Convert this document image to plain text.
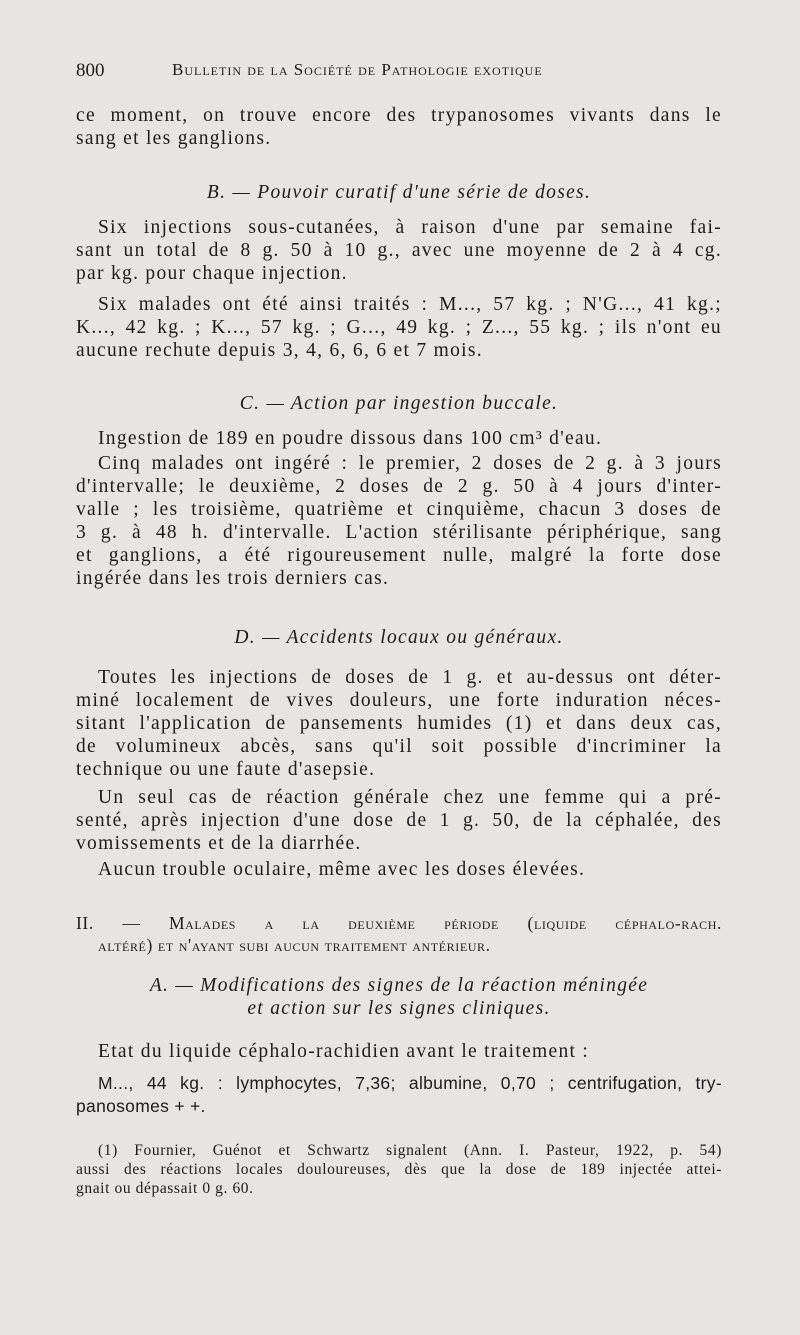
800	Bulletin de la Société de Pathologie exotique
ce moment, on trouve encore des trypanosomes vivants dans le
sang et les ganglions.
B. — Pouvoir curatif d'une série de doses.
Six injections sous-cutanées, à raison d'une par semaine fai-
sant un total de 8 g. 50 à 10 g., avec une moyenne de 2 à 4 cg.
par kg. pour chaque injection.
Six malades ont été ainsi traités : M..., 57 kg. ; N'G..., 41 kg.;
K..., 42 kg. ; K..., 57 kg. ; G..., 49 kg. ; Z..., 55 kg. ; ils n'ont eu
aucune rechute depuis 3, 4, 6, 6, 6 et 7 mois.
C. — Action par ingestion buccale.
Ingestion de 189 en poudre dissous dans 100 cm³ d'eau.
Cinq malades ont ingéré : le premier, 2 doses de 2 g. à 3 jours
d'intervalle; le deuxième, 2 doses de 2 g. 50 à 4 jours d'inter-
valle ; les troisième, quatrième et cinquième, chacun 3 doses de
3 g. à 48 h. d'intervalle. L'action stérilisante périphérique, sang
et ganglions, a été rigoureusement nulle, malgré la forte dose
ingérée dans les trois derniers cas.
D. — Accidents locaux ou généraux.
Toutes les injections de doses de 1 g. et au-dessus ont déter-
miné localement de vives douleurs, une forte induration néces-
sitant l'application de pansements humides (1) et dans deux cas,
de volumineux abcès, sans qu'il soit possible d'incriminer la
technique ou une faute d'asepsie.
Un seul cas de réaction générale chez une femme qui a pré-
senté, après injection d'une dose de 1 g. 50, de la céphalée, des
vomissements et de la diarrhée.
Aucun trouble oculaire, même avec les doses élevées.
II. — Malades a la deuxième période (liquide céphalo-rach.
altéré) et n'ayant subi aucun traitement antérieur.
A. — Modifications des signes de la réaction méningée
et action sur les signes cliniques.
Etat du liquide céphalo-rachidien avant le traitement :
M..., 44 kg. : lymphocytes, 7,36; albumine, 0,70 ; centrifugation, try-
panosomes + +.
(1) Fournier, Guénot et Schwartz signalent (Ann. I. Pasteur, 1922, p. 54)
aussi des réactions locales douloureuses, dès que la dose de 189 injectée attei-
gnait ou dépassait 0 g. 60.
